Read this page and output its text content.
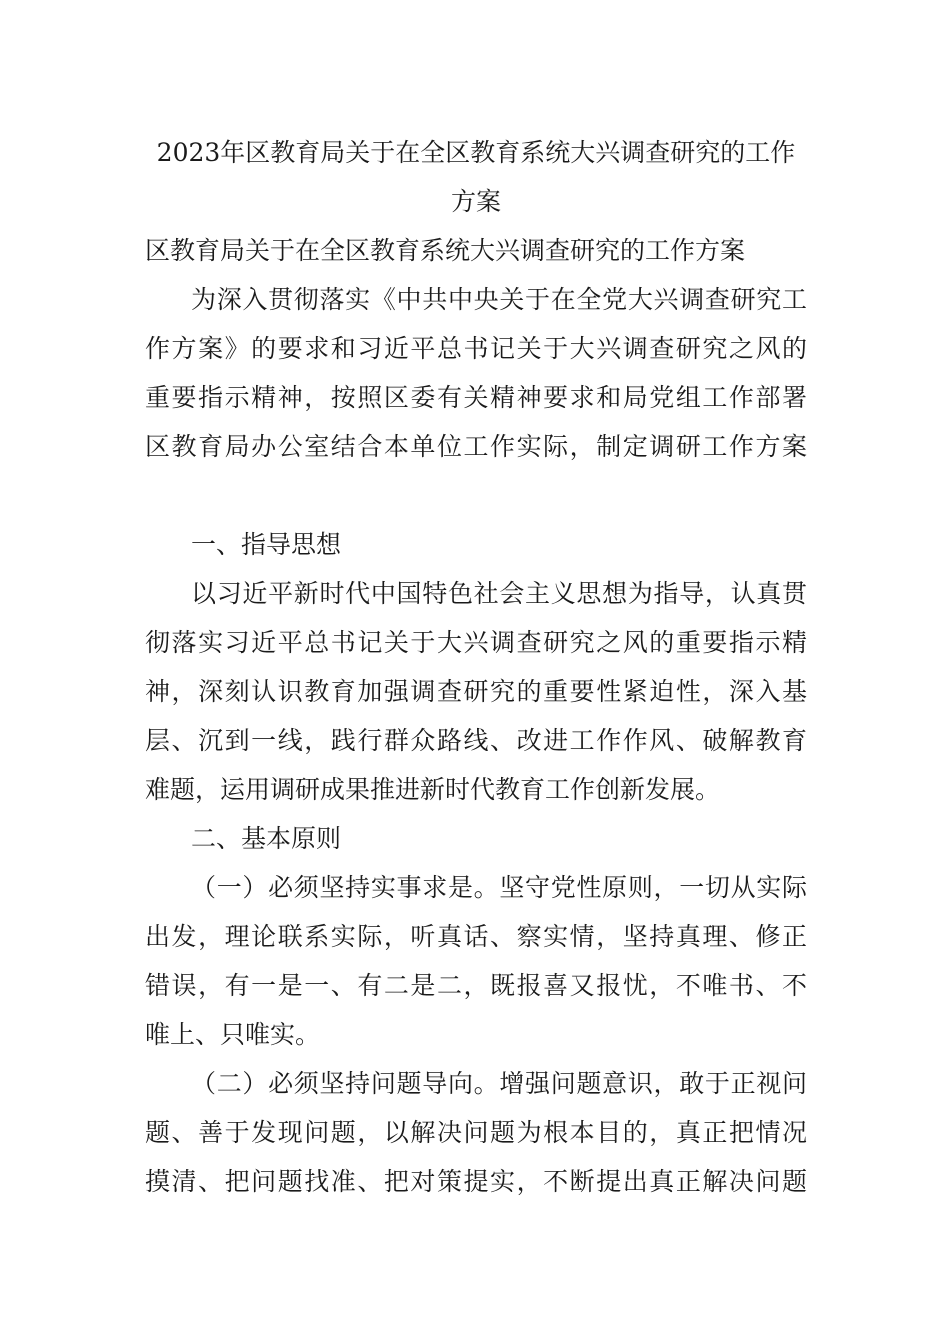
2023年区教育局关于在全区教育系统大兴调查研究的工作

方案

区教育局关于在全区教育系统大兴调查研究的工作方案

为深入贯彻落实《中共中央关于在全党大兴调查研究工

作方案》的要求和习近平总书记关于大兴调查研究之风的

重要指示精神，按照区委有关精神要求和局党组工作部署

区教育局办公室结合本单位工作实际，制定调研工作方案

一、指导思想

以习近平新时代中国特色社会主义思想为指导，认真贯

彻落实习近平总书记关于大兴调查研究之风的重要指示精

神，深刻认识教育加强调查研究的重要性紧迫性，深入基

层、沉到一线，践行群众路线、改进工作作风、破解教育

难题，运用调研成果推进新时代教育工作创新发展。

二、基本原则

（一）必须坚持实事求是。坚守党性原则，一切从实际

出发，理论联系实际，听真话、察实情，坚持真理、修正

错误，有一是一、有二是二，既报喜又报忧，不唯书、不

唯上、只唯实。

（二）必须坚持问题导向。增强问题意识，敢于正视问

题、善于发现问题，以解决问题为根本目的，真正把情况

摸清、把问题找准、把对策提实，不断提出真正解决问题
